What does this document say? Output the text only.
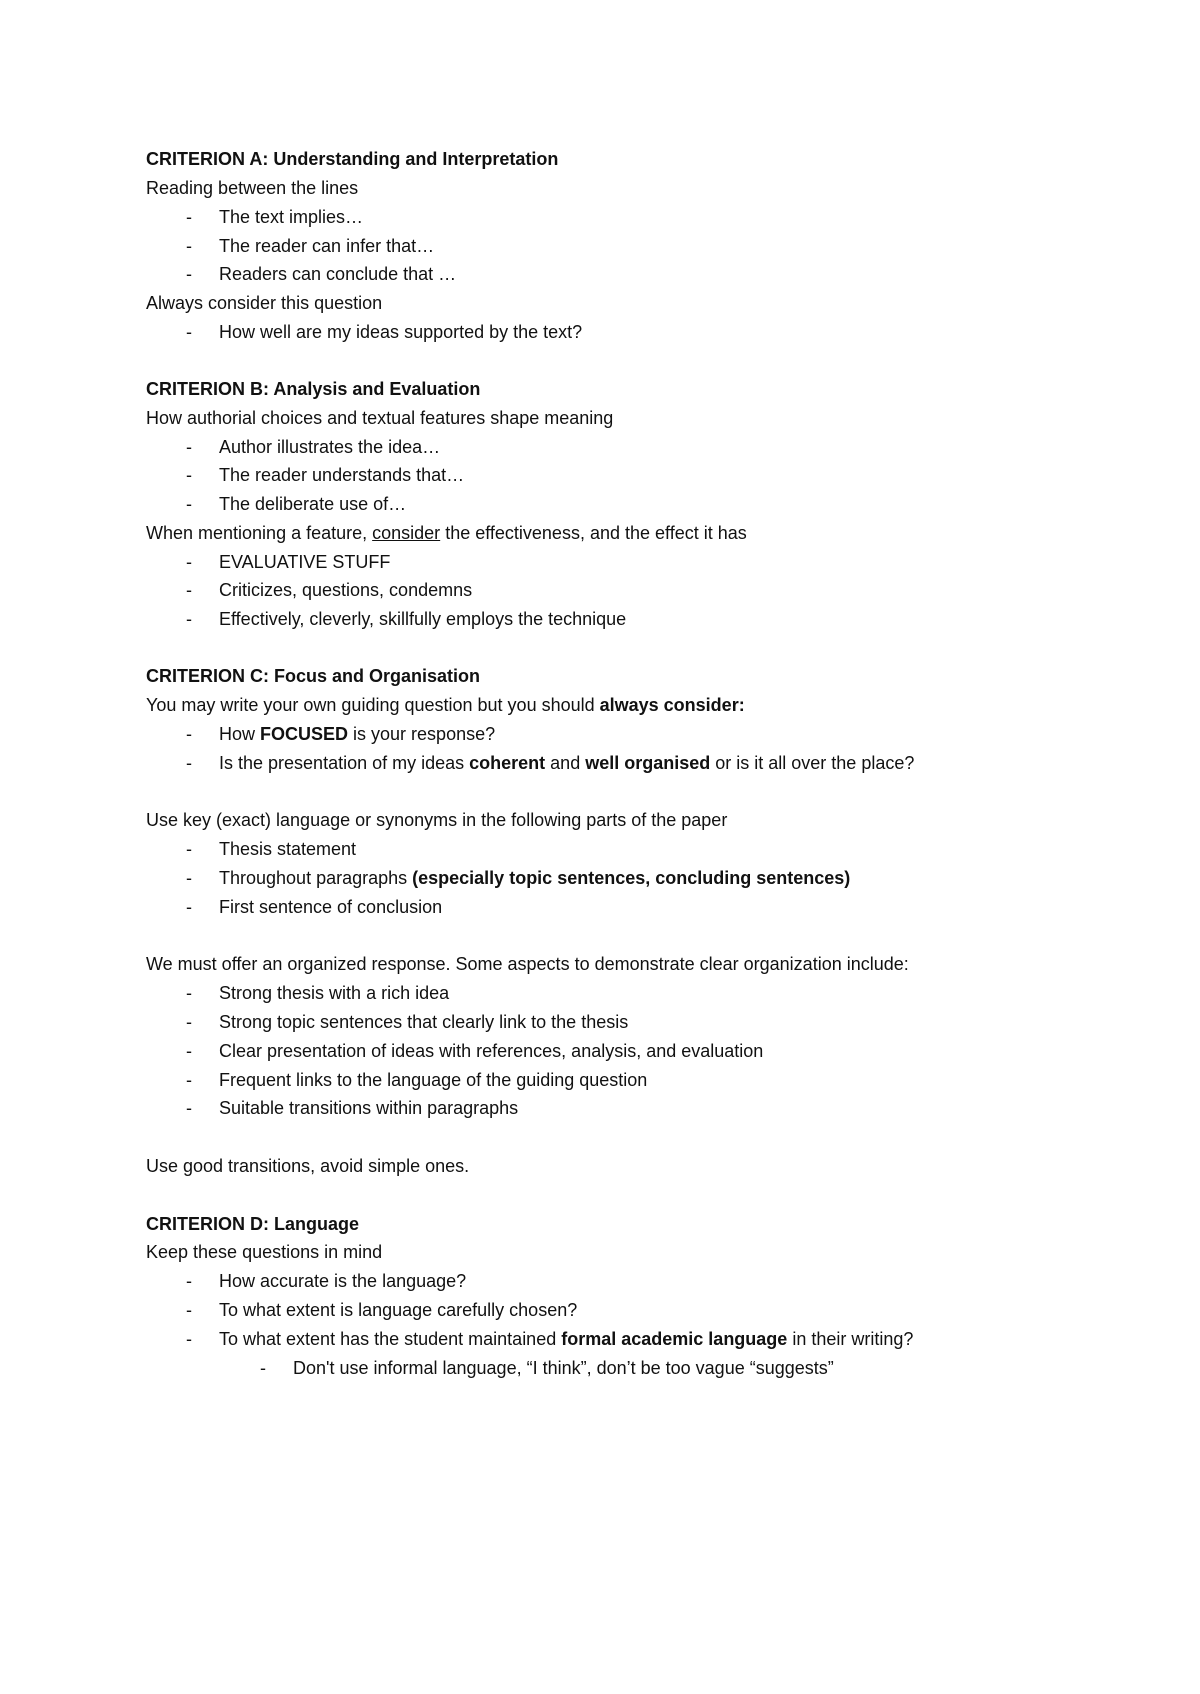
CRITERION A: Understanding and Interpretation
Reading between the lines
- The text implies…
- The reader can infer that…
- Readers can conclude that …
Always consider this question
- How well are my ideas supported by the text?
CRITERION B: Analysis and Evaluation
How authorial choices and textual features shape meaning
- Author illustrates the idea…
- The reader understands that…
- The deliberate use of…
When mentioning a feature, consider the effectiveness, and the effect it has
- EVALUATIVE STUFF
- Criticizes, questions, condemns
- Effectively, cleverly, skillfully employs the technique
CRITERION C: Focus and Organisation
You may write your own guiding question but you should always consider:
- How FOCUSED is your response?
- Is the presentation of my ideas coherent and well organised or is it all over the place?
Use key (exact) language or synonyms in the following parts of the paper
- Thesis statement
- Throughout paragraphs (especially topic sentences, concluding sentences)
- First sentence of conclusion
We must offer an organized response. Some aspects to demonstrate clear organization include:
- Strong thesis with a rich idea
- Strong topic sentences that clearly link to the thesis
- Clear presentation of ideas with references, analysis, and evaluation
- Frequent links to the language of the guiding question
- Suitable transitions within paragraphs
Use good transitions, avoid simple ones.
CRITERION D: Language
Keep these questions in mind
- How accurate is the language?
- To what extent is language carefully chosen?
- To what extent has the student maintained formal academic language in their writing?
- Don't use informal language, “I think”, don’t be too vague “suggests”
